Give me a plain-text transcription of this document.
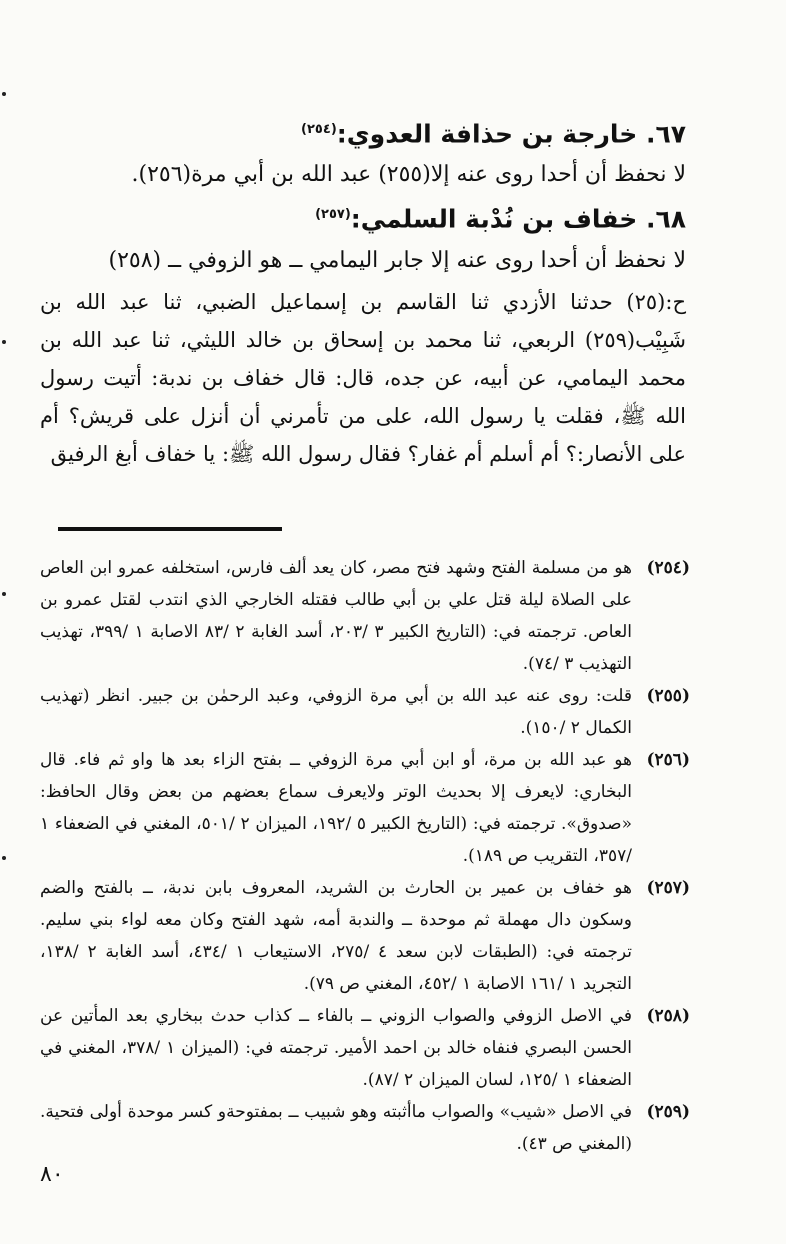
٦٧. خارجة بن حذافة العدوي:$^{(٢٥٤)}$

لا نحفظ أن أحدا روى عنه إلا(٢٥٥) عبد الله بن أبي مرة(٢٥٦).

٦٨. خفاف بن نُدْبة السلمي:$^{(٢٥٧)}$

لا نحفظ أن أحدا روى عنه إلا جابر اليمامي ــ هو الزوفي ــ (٢٥٨)

ح:(٢٥) حدثنا الأزدي ثنا القاسم بن إسماعيل الضبي، ثنا عبد الله بن شَبِيْب(٢٥٩) الربعي، ثنا محمد بن إسحاق بن خالد الليثي، ثنا عبد الله بن محمد اليمامي، عن أبيه، عن جده، قال: قال خفاف بن ندبة: أتيت رسول الله ﷺ، فقلت يا رسول الله، على من تأمرني أن أنزل على قريش؟ أم على الأنصار:؟ أم أسلم أم غفار؟ فقال رسول الله ﷺ: يا خفاف أبغ الرفيق

(٢٥٤)
هو من مسلمة الفتح وشهد فتح مصر، كان يعد ألف فارس، استخلفه عمرو ابن العاص على الصلاة ليلة قتل علي بن أبي طالب فقتله الخارجي الذي انتدب لقتل عمرو بن العاص. ترجمته في: (التاريخ الكبير ٣ /٢٠٣، أسد الغابة ٢ /٨٣ الاصابة ١ /٣٩٩، تهذيب التهذيب ٣ /٧٤).
(٢٥٥)
قلت: روى عنه عبد الله بن أبي مرة الزوفي، وعبد الرحمٰن بن جبير. انظر (تهذيب الكمال ٢ /١٥٠).
(٢٥٦)
هو عبد الله بن مرة، أو ابن أبي مرة الزوفي ــ بفتح الزاء بعد ها واو ثم فاء. قال البخاري: لايعرف إلا بحديث الوتر ولايعرف سماع بعضهم من بعض وقال الحافظ: «صدوق». ترجمته في: (التاريخ الكبير ٥ /١٩٢، الميزان ٢ /٥٠١، المغني في الضعفاء ١ /٣٥٧، التقريب ص ١٨٩).
(٢٥٧)
هو خفاف بن عمير بن الحارث بن الشريد، المعروف بابن ندبة، ــ بالفتح والضم وسكون دال مهملة ثم موحدة ــ والندبة أمه، شهد الفتح وكان معه لواء بني سليم. ترجمته في: (الطبقات لابن سعد ٤ /٢٧٥، الاستيعاب ١ /٤٣٤، أسد الغابة ٢ /١٣٨، التجريد ١ /١٦١ الاصابة ١ /٤٥٢، المغني ص ٧٩).
(٢٥٨)
في الاصل الزوفي والصواب الزوني ــ بالفاء ــ كذاب حدث ببخاري بعد المأتين عن الحسن البصري فنفاه خالد بن احمد الأمير. ترجمته في: (الميزان ١ /٣٧٨، المغني في الضعفاء ١ /١٢٥، لسان الميزان ٢ /٨٧).
(٢٥٩)
في الاصل «شيب» والصواب ماأثبته وهو شبيب ــ بمفتوحةو كسر موحدة أولى فتحية. (المغني ص ٤٣).
٨٠
